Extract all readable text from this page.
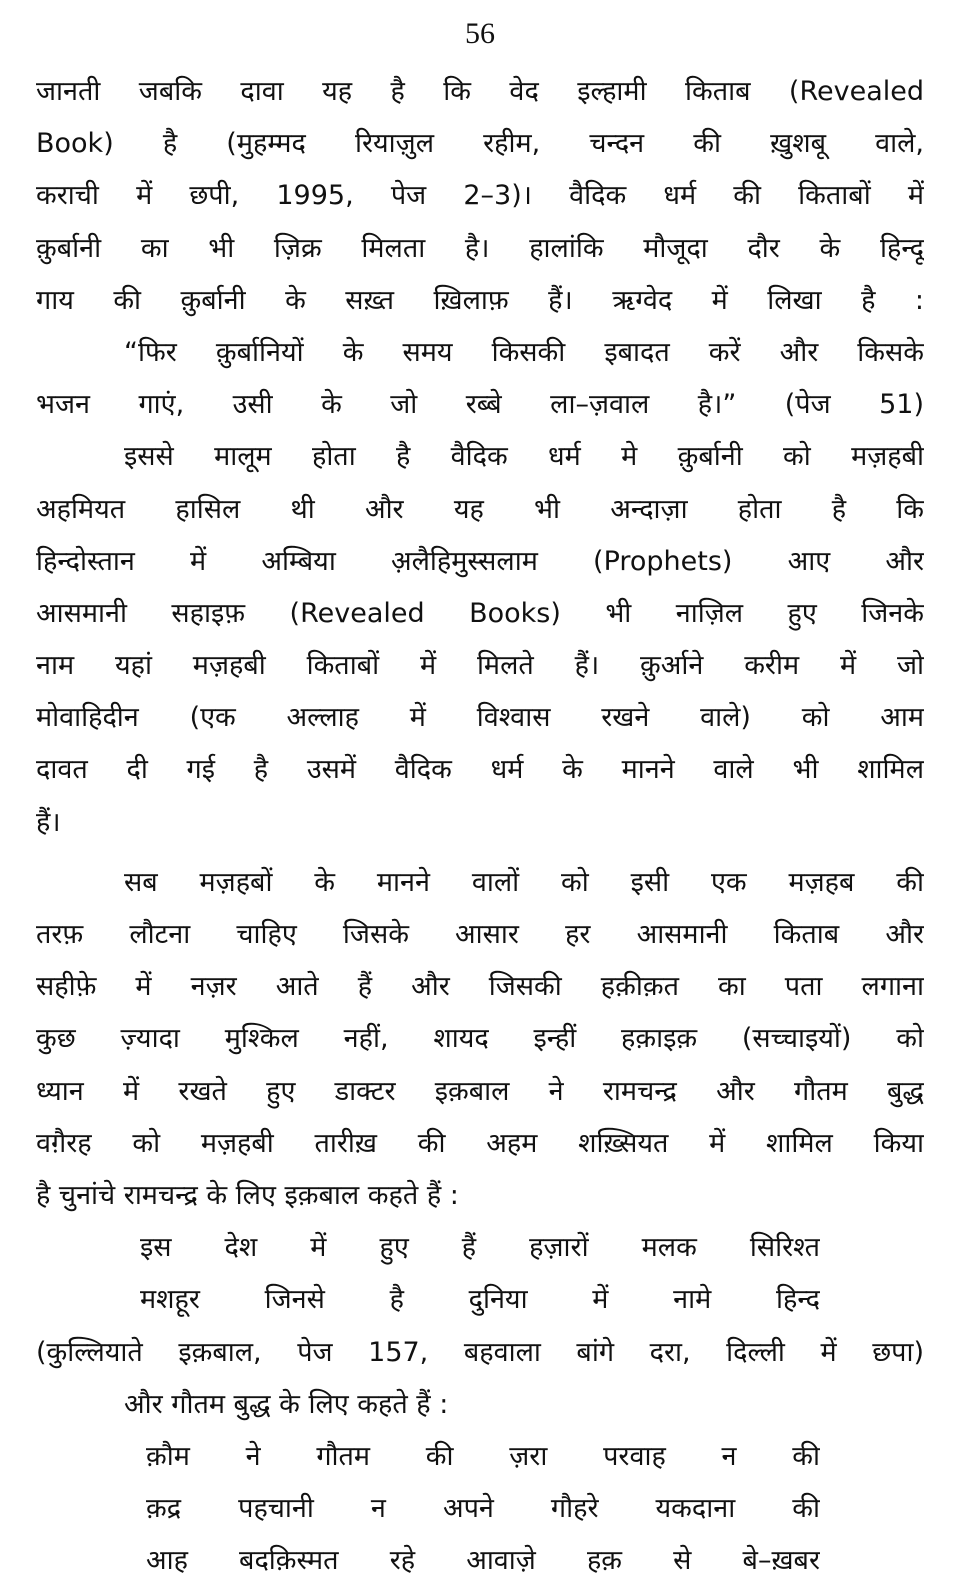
56
जानती जबकि दावा यह है कि वेद इल्हामी किताब (Revealed
Book) है (मुहम्मद रियाज़ुल रहीम, चन्दन की ख़ुशबू वाले,
कराची में छपी, 1995, पेज 2–3)। वैदिक धर्म की किताबों में
क़ुर्बानी का भी ज़िक्र मिलता है। हालांकि मौजूदा दौर के हिन्दू
गाय की क़ुर्बानी के सख़्त ख़िलाफ़ हैं। ऋग्वेद में लिखा है :
“फिर क़ुर्बानियों के समय किसकी इबादत करें और किसके
भजन गाएं, उसी के जो रब्बे ला–ज़वाल है।” (पेज 51)
इससे मालूम होता है वैदिक धर्म मे क़ुर्बानी को मज़हबी
अहमियत हासिल थी और यह भी अन्दाज़ा होता है कि
हिन्दोस्तान में अम्बिया अ़लैहिमुस्सलाम (Prophets) आए और
आसमानी सहाइफ़ (Revealed Books) भी नाज़िल हुए जिनके
नाम यहां मज़हबी किताबों में मिलते हैं। क़ुर्आने करीम में जो
मोवाहिदीन (एक अल्लाह में विश्वास रखने वाले) को आम
दावत दी गई है उसमें वैदिक धर्म के मानने वाले भी शामिल
हैं।
सब मज़हबों के मानने वालों को इसी एक मज़हब की
तरफ़ लौटना चाहिए जिसके आसार हर आसमानी किताब और
सहीफ़े में नज़र आते हैं और जिसकी हक़ीक़त का पता लगाना
कुछ ज़्यादा मुश्किल नहीं, शायद इन्हीं हक़ाइक़ (सच्चाइयों) को
ध्यान में रखते हुए डाक्टर इक़बाल ने रामचन्द्र और गौतम बुद्ध
वग़ैरह को मज़हबी तारीख़ की अहम शख़्सियत में शामिल किया
है चुनांचे रामचन्द्र के लिए इक़बाल कहते हैं :
इस देश में हुए हैं हज़ारों मलक सिरिश्त
मशहूर जिनसे है दुनिया में नामे हिन्द
(कुल्लियाते इक़बाल, पेज 157, बहवाला बांगे दरा, दिल्ली में छपा)
और गौतम बुद्ध के लिए कहते हैं :
क़ौम ने गौतम की ज़रा परवाह न की
क़द्र पहचानी न अपने गौहरे यकदाना की
आह बदक़िस्मत रहे आवाज़े हक़ से बे–ख़बर
